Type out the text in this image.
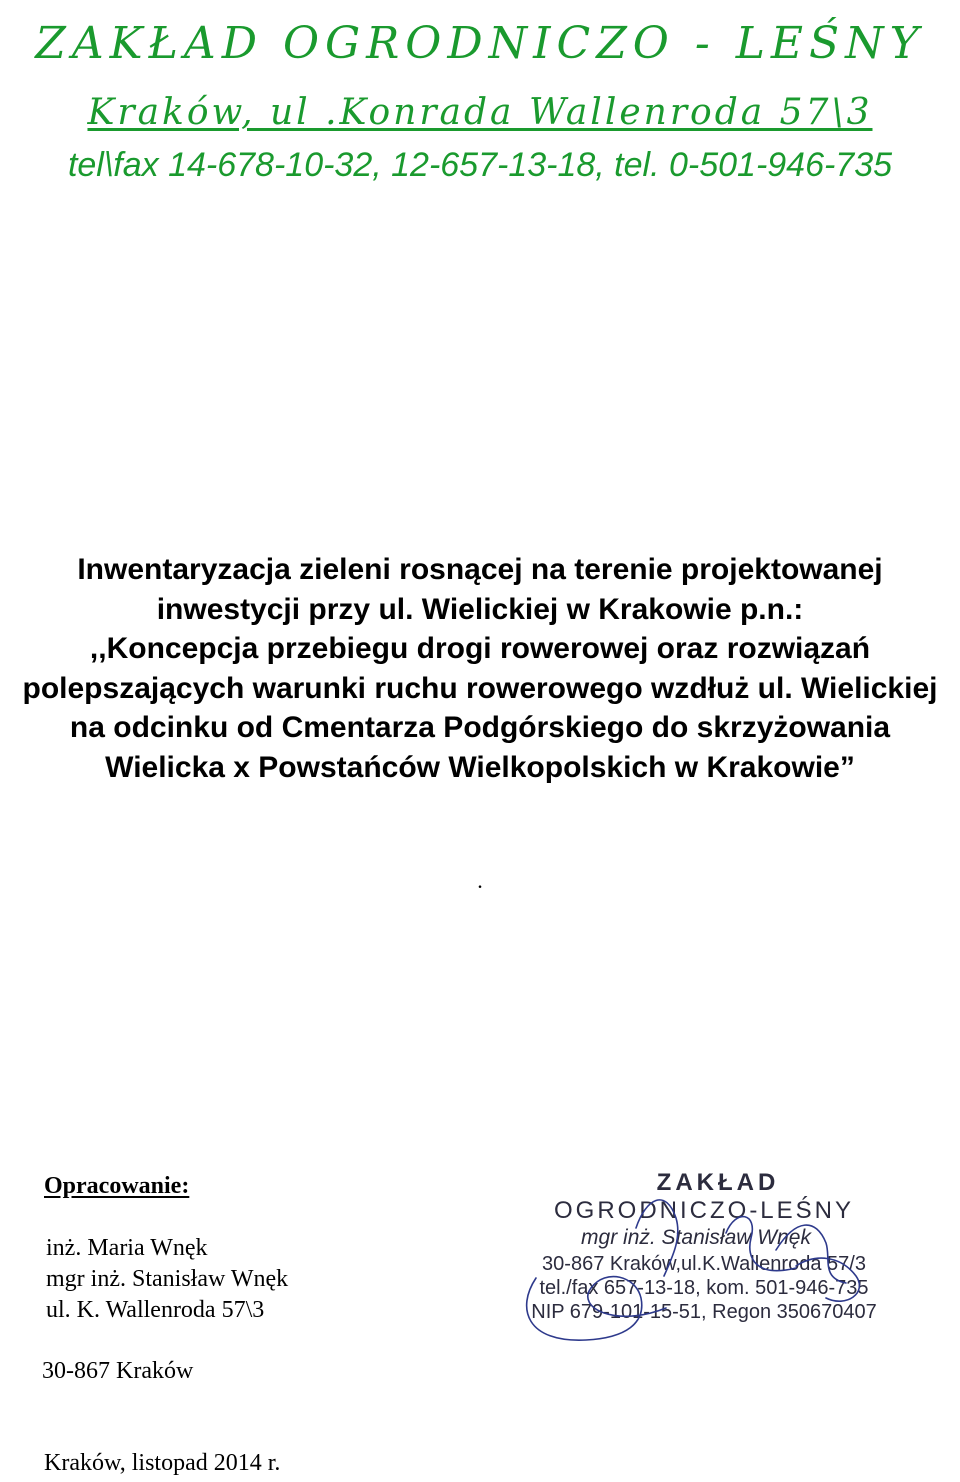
ZAKŁAD OGRODNICZO - LEŚNY
Kraków, ul .Konrada Wallenroda 57\3
tel\fax 14-678-10-32, 12-657-13-18, tel. 0-501-946-735
Inwentaryzacja zieleni rosnącej na terenie projektowanej
inwestycji przy ul. Wielickiej w Krakowie p.n.:
,,Koncepcja przebiegu drogi rowerowej oraz rozwiązań
polepszających warunki ruchu rowerowego wzdłuż ul. Wielickiej
na odcinku od Cmentarza Podgórskiego do skrzyżowania
Wielicka x Powstańców Wielkopolskich w Krakowie”
.
Opracowanie:
inż. Maria Wnęk
mgr inż. Stanisław Wnęk
ul. K. Wallenroda 57\3
30-867 Kraków
Kraków, listopad 2014 r.
ZAKŁAD
OGRODNICZO-LEŚNY
mgr inż. Stanisław Wnęk
30-867 Kraków,ul.K.Wallenroda 57/3
tel./fax 657-13-18, kom. 501-946-735
NIP 679-101-15-51, Regon 350670407
